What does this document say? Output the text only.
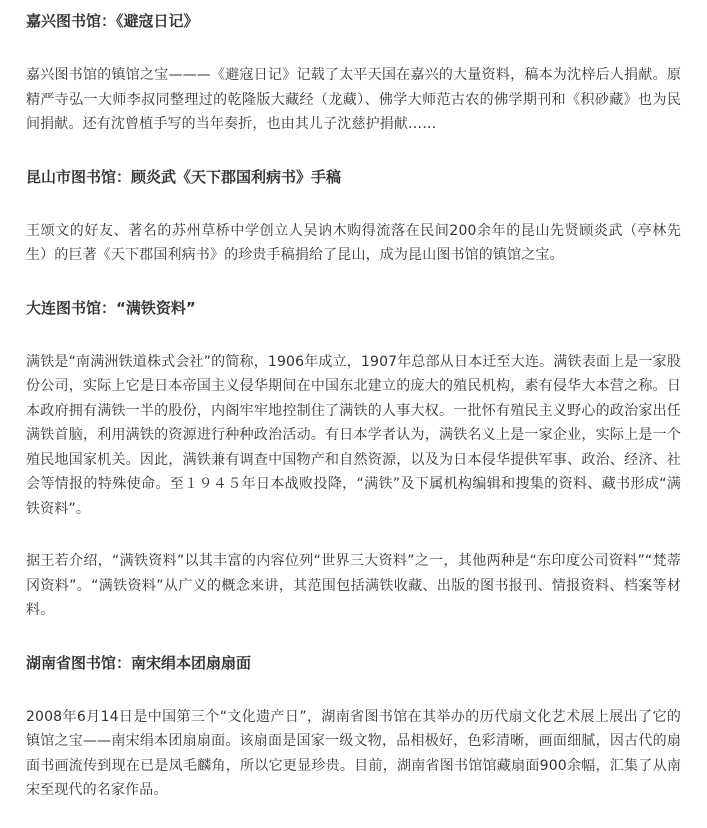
嘉兴图书馆：《避寇日记》

嘉兴图书馆的镇馆之宝———《避寇日记》记载了太平天国在嘉兴的大量资料，稿本为沈梓后人捐献。原精严寺弘一大师李叔同整理过的乾隆版大藏经（龙藏）、佛学大师范古农的佛学期刊和《积砂藏》也为民间捐献。还有沈曾植手写的当年奏折，也由其儿子沈慈护捐献……

昆山市图书馆：顾炎武《天下郡国利病书》手稿

王颂文的好友、著名的苏州草桥中学创立人吴讷木购得流落在民间200余年的昆山先贤顾炎武（亭林先生）的巨著《天下郡国利病书》的珍贵手稿捐给了昆山，成为昆山图书馆的镇馆之宝。

大连图书馆：“满铁资料”

满铁是“南满洲铁道株式会社”的简称，1906年成立，1907年总部从日本迁至大连。满铁表面上是一家股份公司，实际上它是日本帝国主义侵华期间在中国东北建立的庞大的殖民机构，素有侵华大本营之称。日本政府拥有满铁一半的股份，内阁牢牢地控制住了满铁的人事大权。一批怀有殖民主义野心的政治家出任满铁首脑，利用满铁的资源进行种种政治活动。有日本学者认为，满铁名义上是一家企业，实际上是一个殖民地国家机关。因此，满铁兼有调查中国物产和自然资源，以及为日本侵华提供军事、政治、经济、社会等情报的特殊使命。至１９４５年日本战败投降，“满铁”及下属机构编辑和搜集的资料、藏书形成“满铁资料”。

据王若介绍，“满铁资料”以其丰富的内容位列“世界三大资料”之一，其他两种是“东印度公司资料”“梵蒂冈资料”。“满铁资料”从广义的概念来讲，其范围包括满铁收藏、出版的图书报刊、情报资料、档案等材料。

湖南省图书馆：南宋绢本团扇扇面

2008年6月14日是中国第三个“文化遗产日”，湖南省图书馆在其举办的历代扇文化艺术展上展出了它的镇馆之宝——南宋绢本团扇扇面。该扇面是国家一级文物，品相极好，色彩清晰，画面细腻，因古代的扇面书画流传到现在已是凤毛麟角，所以它更显珍贵。目前，湖南省图书馆馆藏扇面900余幅，汇集了从南宋至现代的名家作品。
